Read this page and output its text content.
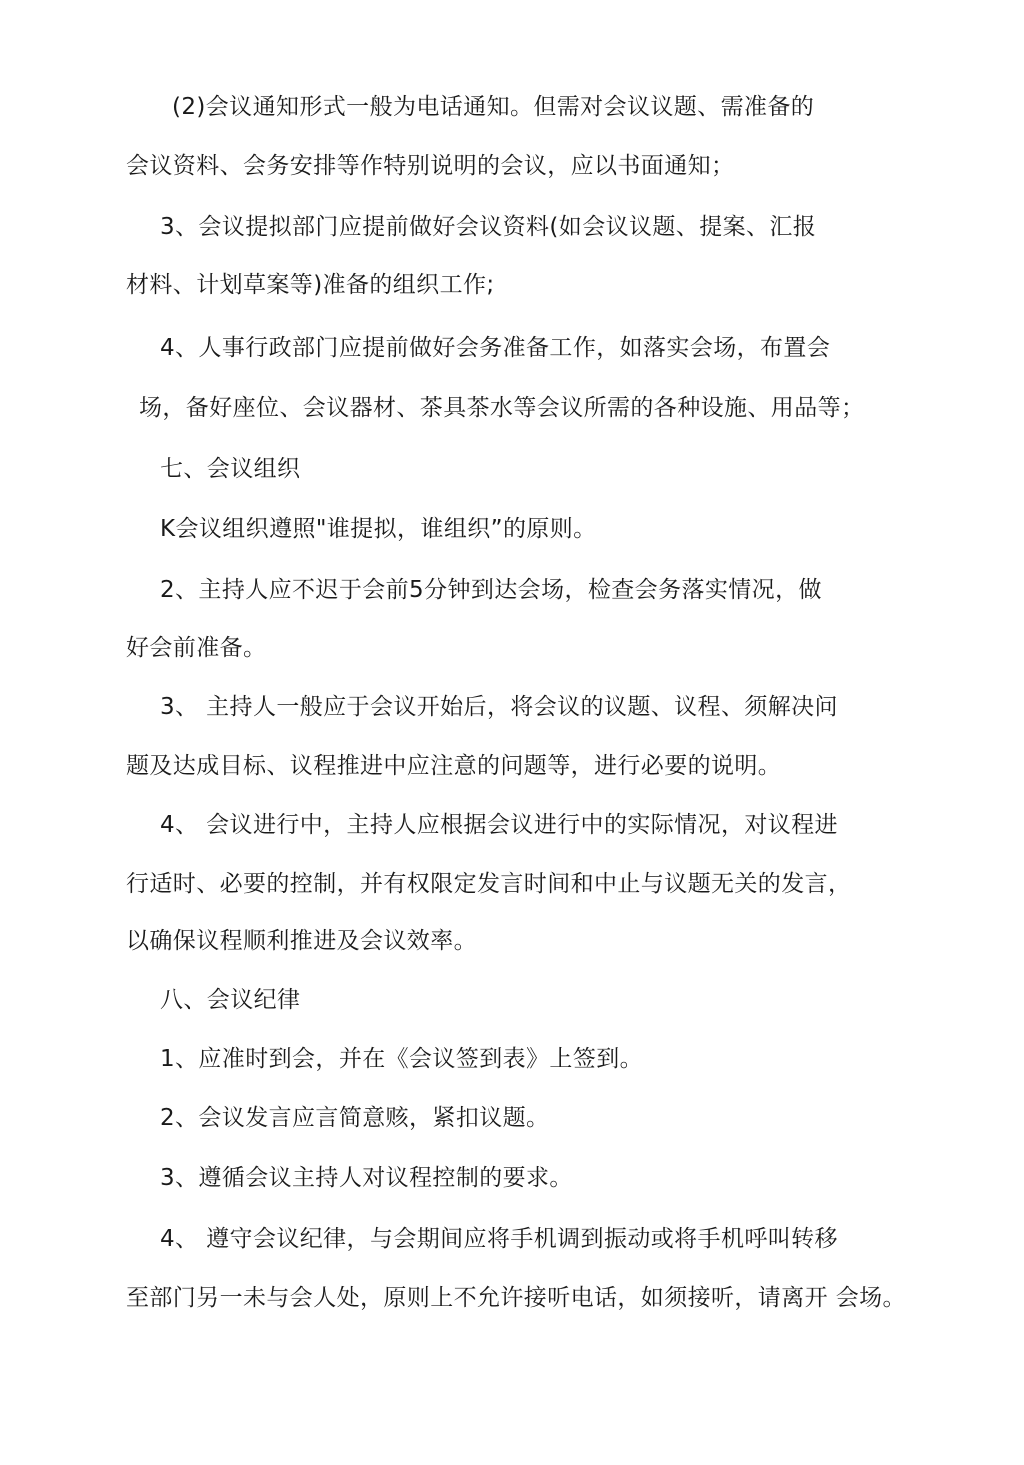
(2)会议通知形式一般为电话通知。但需对会议议题、需准备的
会议资料、会务安排等作特别说明的会议，应以书面通知；
3、会议提拟部门应提前做好会议资料(如会议议题、提案、汇报
材料、计划草案等)准备的组织工作;
4、人事行政部门应提前做好会务准备工作，如落实会场，布置会
场，备好座位、会议器材、茶具茶水等会议所需的各种设施、用品等；
七、会议组织
K会议组织遵照"谁提拟，谁组织”的原则。
2、主持人应不迟于会前5分钟到达会场，检查会务落实情况，做
好会前准备。
3、 主持人一般应于会议开始后，将会议的议题、议程、须解决问
题及达成目标、议程推进中应注意的问题等，进行必要的说明。
4、 会议进行中，主持人应根据会议进行中的实际情况，对议程进
行适时、必要的控制，并有权限定发言时间和中止与议题无关的发言，
以确保议程顺利推进及会议效率。
八、会议纪律
1、应准时到会，并在《会议签到表》上签到。
2、会议发言应言简意赅，紧扣议题。
3、遵循会议主持人对议程控制的要求。
4、 遵守会议纪律，与会期间应将手机调到振动或将手机呼叫转移
至部门另一未与会人处，原则上不允许接听电话，如须接听，请离开 会场。
